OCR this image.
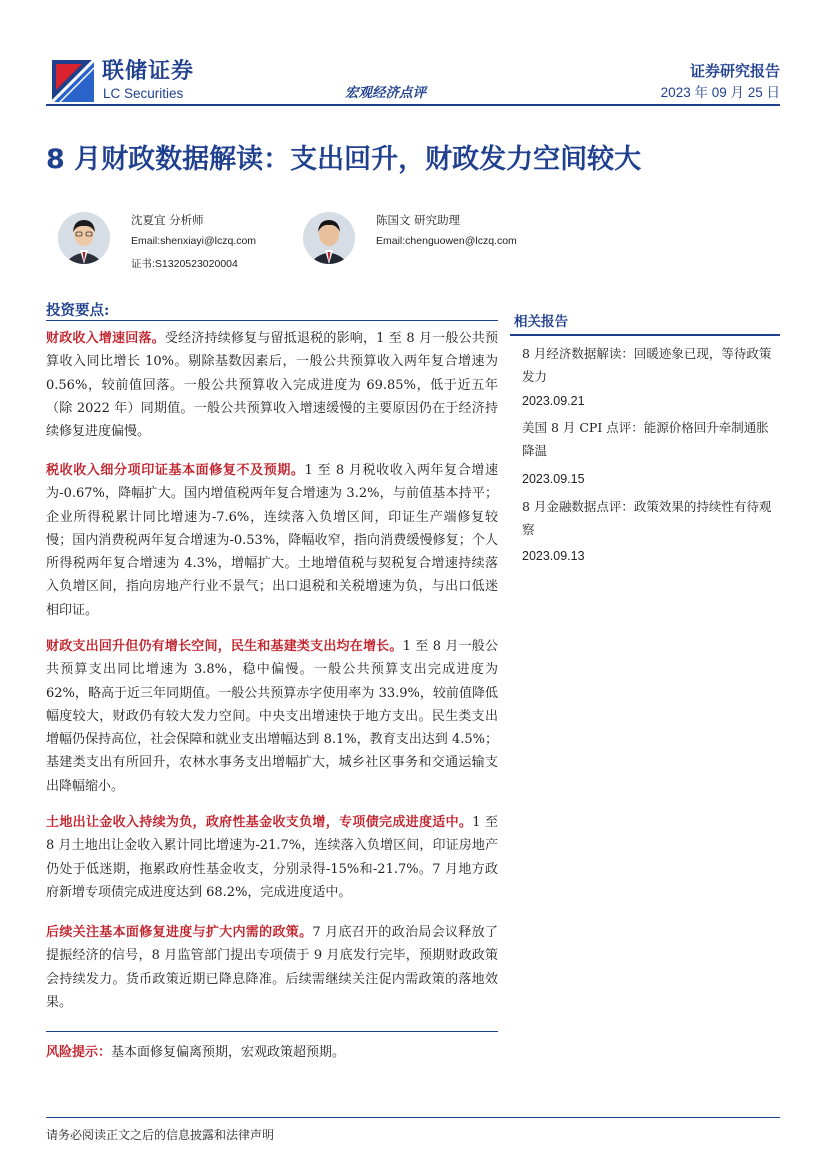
联储证券
LC Securities	宏观经济点评
证券研究报告
2023 年 09 月 25 日
8 月财政数据解读：支出回升，财政发力空间较大
沈夏宜 分析师
Email:shenxiayi@lczq.com
证书:S1320523020004
陈国文 研究助理
Email:chenguowen@lczq.com
投资要点:
财政收入增速回落。受经济持续修复与留抵退税的影响，1 至 8 月一般公共预算收入同比增长 10%。剔除基数因素后，一般公共预算收入两年复合增速为 0.56%，较前值回落。一般公共预算收入完成进度为 69.85%，低于近五年（除 2022 年）同期值。一般公共预算收入增速缓慢的主要原因仍在于经济持续修复进度偏慢。
税收收入细分项印证基本面修复不及预期。1 至 8 月税收收入两年复合增速为-0.67%，降幅扩大。国内增值税两年复合增速为 3.2%，与前值基本持平；企业所得税累计同比增速为-7.6%，连续落入负增区间，印证生产端修复较慢；国内消费税两年复合增速为-0.53%，降幅收窄，指向消费缓慢修复；个人所得税两年复合增速为 4.3%，增幅扩大。土地增值税与契税复合增速持续落入负增区间，指向房地产行业不景气；出口退税和关税增速为负，与出口低迷相印证。
财政支出回升但仍有增长空间，民生和基建类支出均在增长。1 至 8 月一般公共预算支出同比增速为 3.8%，稳中偏慢。一般公共预算支出完成进度为 62%，略高于近三年同期值。一般公共预算赤字使用率为 33.9%，较前值降低幅度较大，财政仍有较大发力空间。中央支出增速快于地方支出。民生类支出增幅仍保持高位，社会保障和就业支出增幅达到 8.1%，教育支出达到 4.5%；基建类支出有所回升，农林水事务支出增幅扩大，城乡社区事务和交通运输支出降幅缩小。
土地出让金收入持续为负，政府性基金收支负增，专项债完成进度适中。1 至 8 月土地出让金收入累计同比增速为-21.7%，连续落入负增区间，印证房地产仍处于低迷期，拖累政府性基金收支，分别录得-15%和-21.7%。7 月地方政府新增专项债完成进度达到 68.2%，完成进度适中。
后续关注基本面修复进度与扩大内需的政策。7 月底召开的政治局会议释放了提振经济的信号，8 月监管部门提出专项债于 9 月底发行完毕，预期财政政策会持续发力。货币政策近期已降息降准。后续需继续关注促内需政策的落地效果。
风险提示：基本面修复偏离预期，宏观政策超预期。
相关报告
8 月经济数据解读：回暖迹象已现，等待政策发力
2023.09.21
美国 8 月 CPI 点评：能源价格回升牵制通胀降温
2023.09.15
8 月金融数据点评：政策效果的持续性有待观察
2023.09.13
请务必阅读正文之后的信息披露和法律声明
